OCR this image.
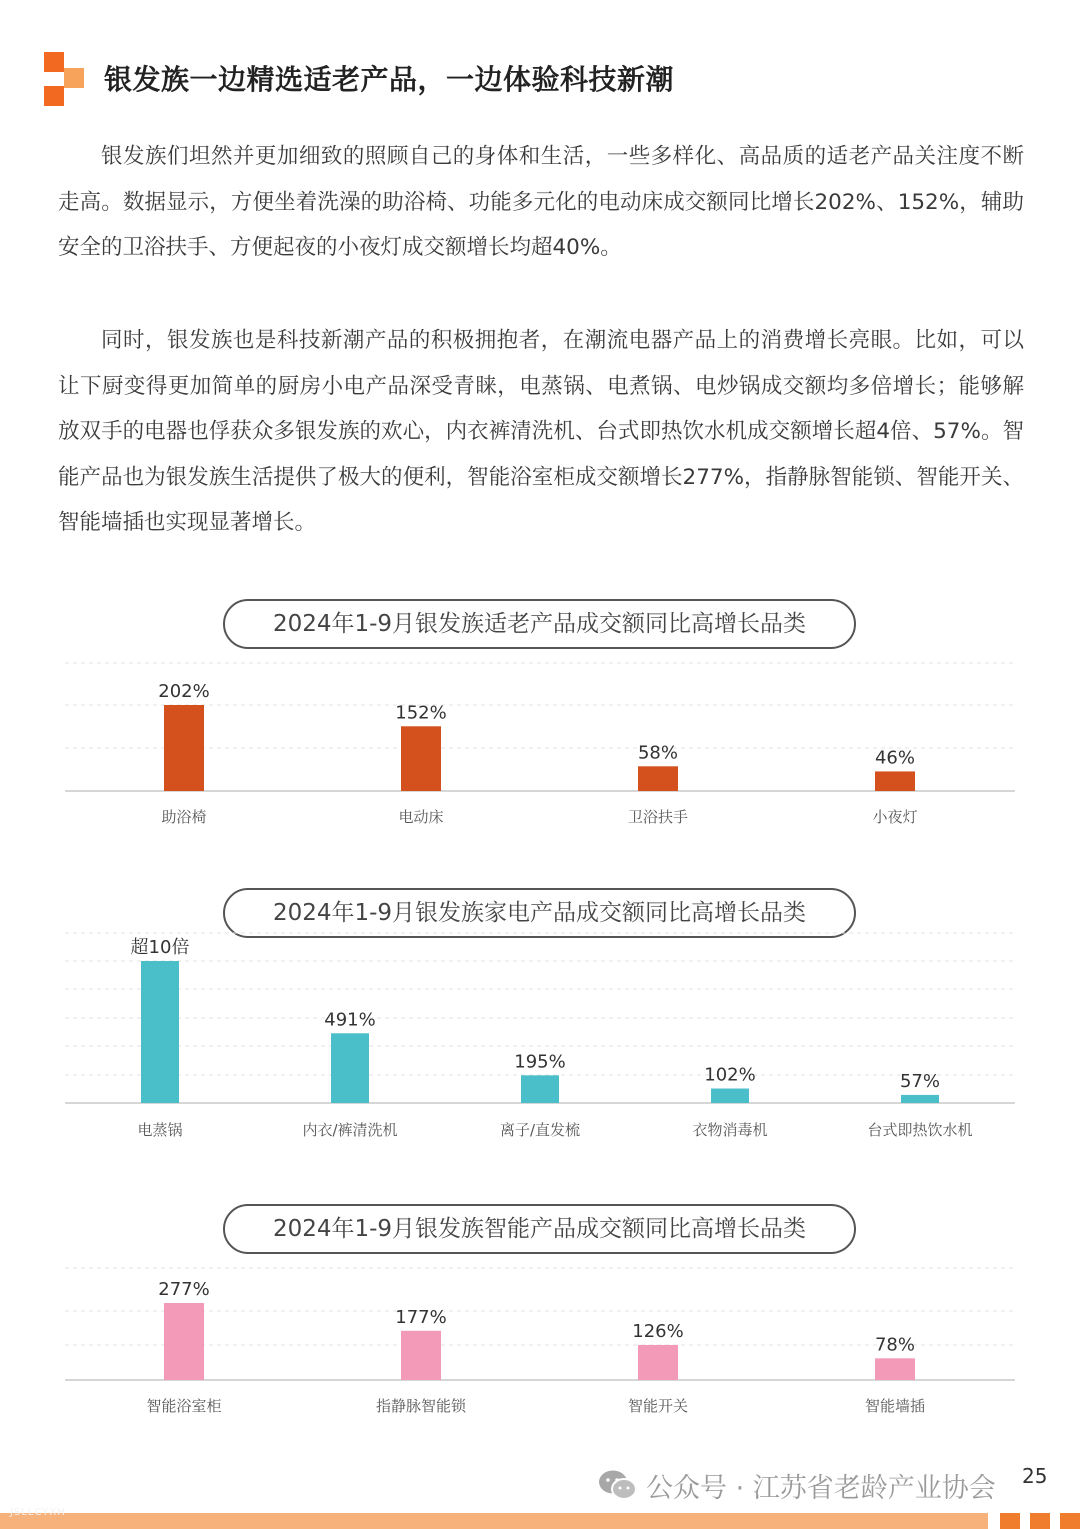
银发族一边精选适老产品，一边体验科技新潮

银发族们坦然并更加细致的照顾自己的身体和生活，一些多样化、高品质的适老产品关注度不断走高。数据显示，方便坐着洗澡的助浴椅、功能多元化的电动床成交额同比增长202%、152%，辅助安全的卫浴扶手、方便起夜的小夜灯成交额增长均超40%。

同时，银发族也是科技新潮产品的积极拥抱者，在潮流电器产品上的消费增长亮眼。比如，可以让下厨变得更加简单的厨房小电产品深受青睐，电蒸锅、电煮锅、电炒锅成交额均多倍增长；能够解放双手的电器也俘获众多银发族的欢心，内衣裤清洗机、台式即热饮水机成交额增长超4倍、57%。智能产品也为银发族生活提供了极大的便利，智能浴室柜成交额增长277%，指静脉智能锁、智能开关、智能墙插也实现显著增长。

2024年1-9月银发族适老产品成交额同比高增长品类
202%
助浴椅
152%
电动床
58%
卫浴扶手
46%
小夜灯
2024年1-9月银发族家电产品成交额同比高增长品类
超10倍
电蒸锅
491%
内衣/裤清洗机
195%
离子/直发梳
102%
衣物消毒机
57%
台式即热饮水机
2024年1-9月银发族智能产品成交额同比高增长品类
277%
智能浴室柜
177%
指静脉智能锁
126%
智能开关
78%
智能墙插
公众号 · 江苏省老龄产业协会 25
JSLLCYXH
